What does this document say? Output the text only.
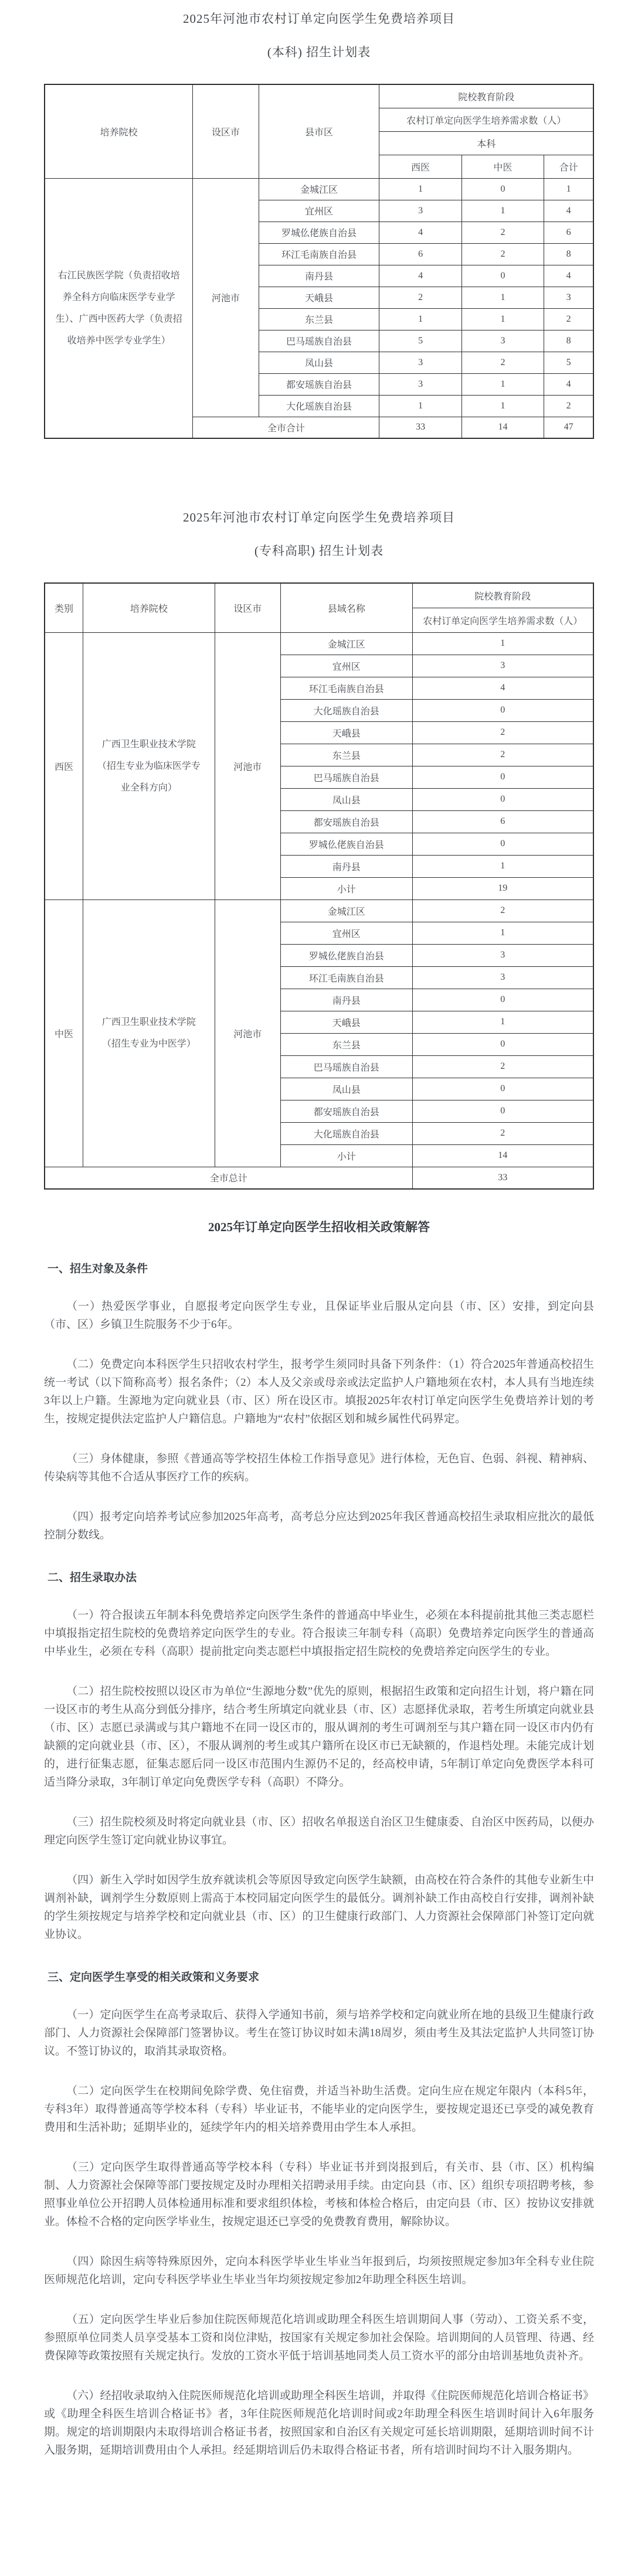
2025年河池市农村订单定向医学生免费培养项目
(本科) 招生计划表
培养院校	设区市	县市区	院校教育阶段		
			农村订单定向医学生培养需求数（人）		
			本科		
			西医	中医	合计
右江民族医学院（负责招收培养全科方向临床医学专业学生）、广西中医药大学（负责招收培养中医学专业学生）	河池市	金城江区	1	0	1
		宜州区	3	1	4
		罗城仫佬族自治县	4	2	6
		环江毛南族自治县	6	2	8
		南丹县	4	0	4
		天峨县	2	1	3
		东兰县	1	1	2
		巴马瑶族自治县	5	3	8
		凤山县	3	2	5
		都安瑶族自治县	3	1	4
		大化瑶族自治县	1	1	2
	全市合计		33	14	47
2025年河池市农村订单定向医学生免费培养项目
(专科高职) 招生计划表
类别	培养院校	设区市	县域名称	院校教育阶段
				农村订单定向医学生培养需求数（人）
西医	广西卫生职业技术学院（招生专业为临床医学专业全科方向）	河池市	金城江区	1
			宜州区	3
			环江毛南族自治县	4
			大化瑶族自治县	0
			天峨县	2
			东兰县	2
			巴马瑶族自治县	0
			凤山县	0
			都安瑶族自治县	6
			罗城仫佬族自治县	0
			南丹县	1
			小计	19
中医	广西卫生职业技术学院（招生专业为中医学）	河池市	金城江区	2
			宜州区	1
			罗城仫佬族自治县	3
			环江毛南族自治县	3
			南丹县	0
			天峨县	1
			东兰县	0
			巴马瑶族自治县	2
			凤山县	0
			都安瑶族自治县	0
			大化瑶族自治县	2
			小计	14
全市总计				33
2025年订单定向医学生招收相关政策解答
一、招生对象及条件

（一）热爱医学事业，自愿报考定向医学生专业，且保证毕业后服从定向县（市、区）安排，到定向县（市、区）乡镇卫生院服务不少于6年。

（二）免费定向本科医学生只招收农村学生，报考学生须同时具备下列条件：（1）符合2025年普通高校招生统一考试（以下简称高考）报名条件；（2）本人及父亲或母亲或法定监护人户籍地须在农村，本人具有当地连续3年以上户籍。生源地为定向就业县（市、区）所在设区市。填报2025年农村订单定向医学生免费培养计划的考生，按规定提供法定监护人户籍信息。户籍地为“农村”依据区划和城乡属性代码界定。

（三）身体健康，参照《普通高等学校招生体检工作指导意见》进行体检，无色盲、色弱、斜视、精神病、传染病等其他不合适从事医疗工作的疾病。

（四）报考定向培养考试应参加2025年高考，高考总分应达到2025年我区普通高校招生录取相应批次的最低控制分数线。

二、招生录取办法

（一）符合报读五年制本科免费培养定向医学生条件的普通高中毕业生，必须在本科提前批其他三类志愿栏中填报指定招生院校的免费培养定向医学生的专业。符合报读三年制专科（高职）免费培养定向医学生的普通高中毕业生，必须在专科（高职）提前批定向类志愿栏中填报指定招生院校的免费培养定向医学生的专业。

（二）招生院校按照以设区市为单位“生源地分数”优先的原则，根据招生政策和定向招生计划，将户籍在同一设区市的考生从高分到低分排序，结合考生所填定向就业县（市、区）志愿择优录取，若考生所填定向就业县（市、区）志愿已录满或与其户籍地不在同一设区市的，服从调剂的考生可调剂至与其户籍在同一设区市内仍有缺额的定向就业县（市、区），不服从调剂的考生或其户籍所在设区市已无缺额的，作退档处理。未能完成计划的，进行征集志愿，征集志愿后同一设区市范围内生源仍不足的，经高校申请，5年制订单定向免费医学本科可适当降分录取，3年制订单定向免费医学专科（高职）不降分。

（三）招生院校须及时将定向就业县（市、区）招收名单报送自治区卫生健康委、自治区中医药局，以便办理定向医学生签订定向就业协议事宜。

（四）新生入学时如因学生放弃就读机会等原因导致定向医学生缺额，由高校在符合条件的其他专业新生中调剂补缺，调剂学生分数原则上需高于本校同届定向医学生的最低分。调剂补缺工作由高校自行安排，调剂补缺的学生须按规定与培养学校和定向就业县（市、区）的卫生健康行政部门、人力资源社会保障部门补签订定向就业协议。

三、定向医学生享受的相关政策和义务要求

（一）定向医学生在高考录取后、获得入学通知书前，须与培养学校和定向就业所在地的县级卫生健康行政部门、人力资源社会保障部门签署协议。考生在签订协议时如未满18周岁，须由考生及其法定监护人共同签订协议。不签订协议的，取消其录取资格。

（二）定向医学生在校期间免除学费、免住宿费，并适当补助生活费。定向生应在规定年限内（本科5年，专科3年）取得普通高等学校本科（专科）毕业证书，不能毕业的定向医学生，要按规定退还已享受的减免教育费用和生活补助；延期毕业的，延续学年内的相关培养费用由学生本人承担。

（三）定向医学生取得普通高等学校本科（专科）毕业证书并到岗报到后，有关市、县（市、区）机构编制、人力资源社会保障等部门要按规定及时办理相关招聘录用手续。由定向县（市、区）组织专项招聘考核，参照事业单位公开招聘人员体检通用标准和要求组织体检，考核和体检合格后，由定向县（市、区）按协议安排就业。体检不合格的定向医学毕业生，按规定退还已享受的免费教育费用，解除协议。

（四）除因生病等特殊原因外，定向本科医学毕业生毕业当年报到后，均须按照规定参加3年全科专业住院医师规范化培训，定向专科医学毕业生毕业当年均须按规定参加2年助理全科医生培训。

（五）定向医学生毕业后参加住院医师规范化培训或助理全科医生培训期间人事（劳动）、工资关系不变，参照原单位同类人员享受基本工资和岗位津贴，按国家有关规定参加社会保险。培训期间的人员管理、待遇、经费保障等政策按照有关规定执行。发放的工资水平低于培训基地同类人员工资水平的部分由培训基地负责补齐。

（六）经招收录取纳入住院医师规范化培训或助理全科医生培训，并取得《住院医师规范化培训合格证书》或《助理全科医生培训合格证书》者，3年住院医师规范化培训时间或2年助理全科医生培训时间计入6年服务期。规定的培训期限内未取得培训合格证书者，按照国家和自治区有关规定可延长培训期限，延期培训时间不计入服务期，延期培训费用由个人承担。经延期培训后仍未取得合格证书者，所有培训时间均不计入服务期内。
